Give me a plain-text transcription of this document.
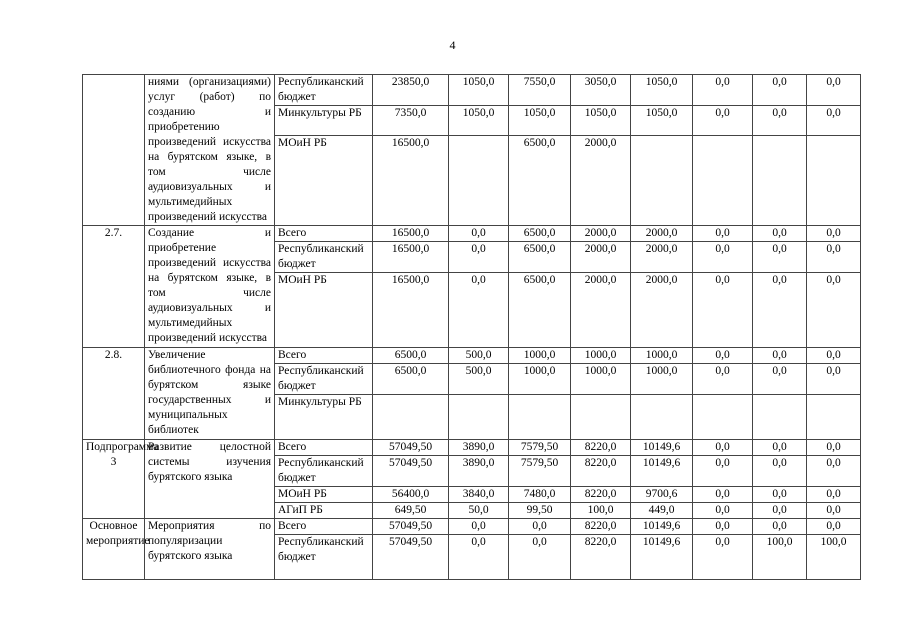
4
	ниями (организациями) услуг (работ) по созданию и приобретению произведений искусства на бурятском языке, в том числе аудиовизуальных и мультимедийных произведений искусства	Республиканский бюджет	23850,0	1050,0	7550,0	3050,0	1050,0	0,0	0,0	0,0
		Минкультуры РБ	7350,0	1050,0	1050,0	1050,0	1050,0	0,0	0,0	0,0
		МОиН РБ	16500,0		6500,0	2000,0				
2.7.	Создание и приобретение произведений искусства на бурятском языке, в том числе аудиовизуальных и мультимедийных произведений искусства	Всего	16500,0	0,0	6500,0	2000,0	2000,0	0,0	0,0	0,0
		Республиканский бюджет	16500,0	0,0	6500,0	2000,0	2000,0	0,0	0,0	0,0
		МОиН РБ	16500,0	0,0	6500,0	2000,0	2000,0	0,0	0,0	0,0
2.8.	Увеличение библиотечного фонда на бурятском языке государственных и муниципальных библиотек	Всего	6500,0	500,0	1000,0	1000,0	1000,0	0,0	0,0	0,0
		Республиканский бюджет	6500,0	500,0	1000,0	1000,0	1000,0	0,0	0,0	0,0
		Минкультуры РБ								
Подпрограмма 3	Развитие целостной системы изучения бурятского языка	Всего	57049,50	3890,0	7579,50	8220,0	10149,6	0,0	0,0	0,0
		Республиканский бюджет	57049,50	3890,0	7579,50	8220,0	10149,6	0,0	0,0	0,0
		МОиН РБ	56400,0	3840,0	7480,0	8220,0	9700,6	0,0	0,0	0,0
		АГиП РБ	649,50	50,0	99,50	100,0	449,0	0,0	0,0	0,0
Основное мероприятие	Мероприятия по популяризации бурятского языка	Всего	57049,50	0,0	0,0	8220,0	10149,6	0,0	0,0	0,0
		Республиканский бюджет	57049,50	0,0	0,0	8220,0	10149,6	0,0	100,0	100,0
